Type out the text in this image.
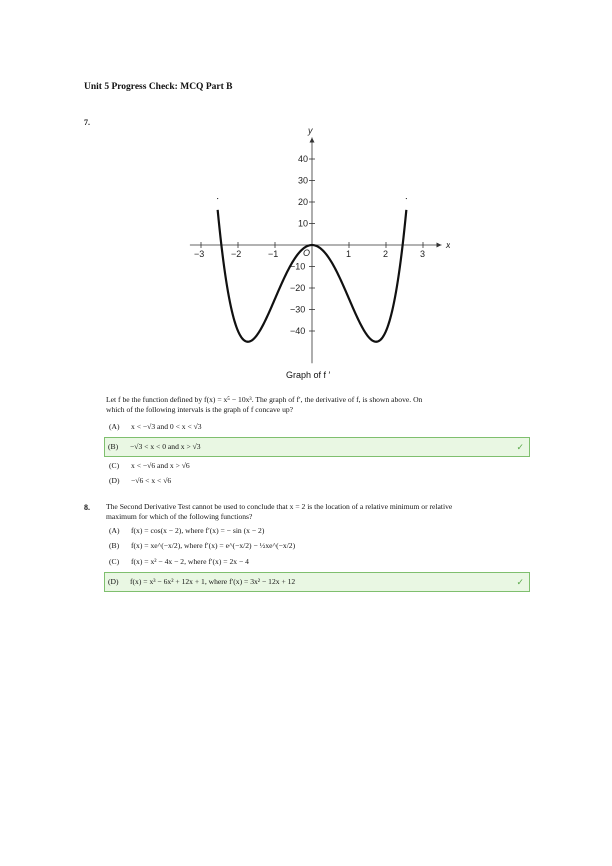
Unit 5 Progress Check: MCQ Part B
7.
x
y
−3	−2	−1	1	2	3
−40
−30
−20
−10
10
20
30
40
O
Graph of f ′
Let f be the function defined by f(x) = x⁵ − 10x³. The graph of f′, the derivative of f, is shown above. On
which of the following intervals is the graph of f concave up?
(A) x < −√3 and 0 < x < √3
(B) −√3 < x < 0 and x > √3	✓
(C) x < −√6 and x > √6
(D) −√6 < x < √6
8. The Second Derivative Test cannot be used to conclude that x = 2 is the location of a relative minimum or relative
maximum for which of the following functions?
(A) f(x) = cos(x − 2), where f′(x) = − sin (x − 2)
(B) f(x) = xe^(−x/2), where f′(x) = e^(−x/2) − ½xe^(−x/2)
(C) f(x) = x² − 4x − 2, where f′(x) = 2x − 4
(D) f(x) = x³ − 6x² + 12x + 1, where f′(x) = 3x² − 12x + 12	✓
